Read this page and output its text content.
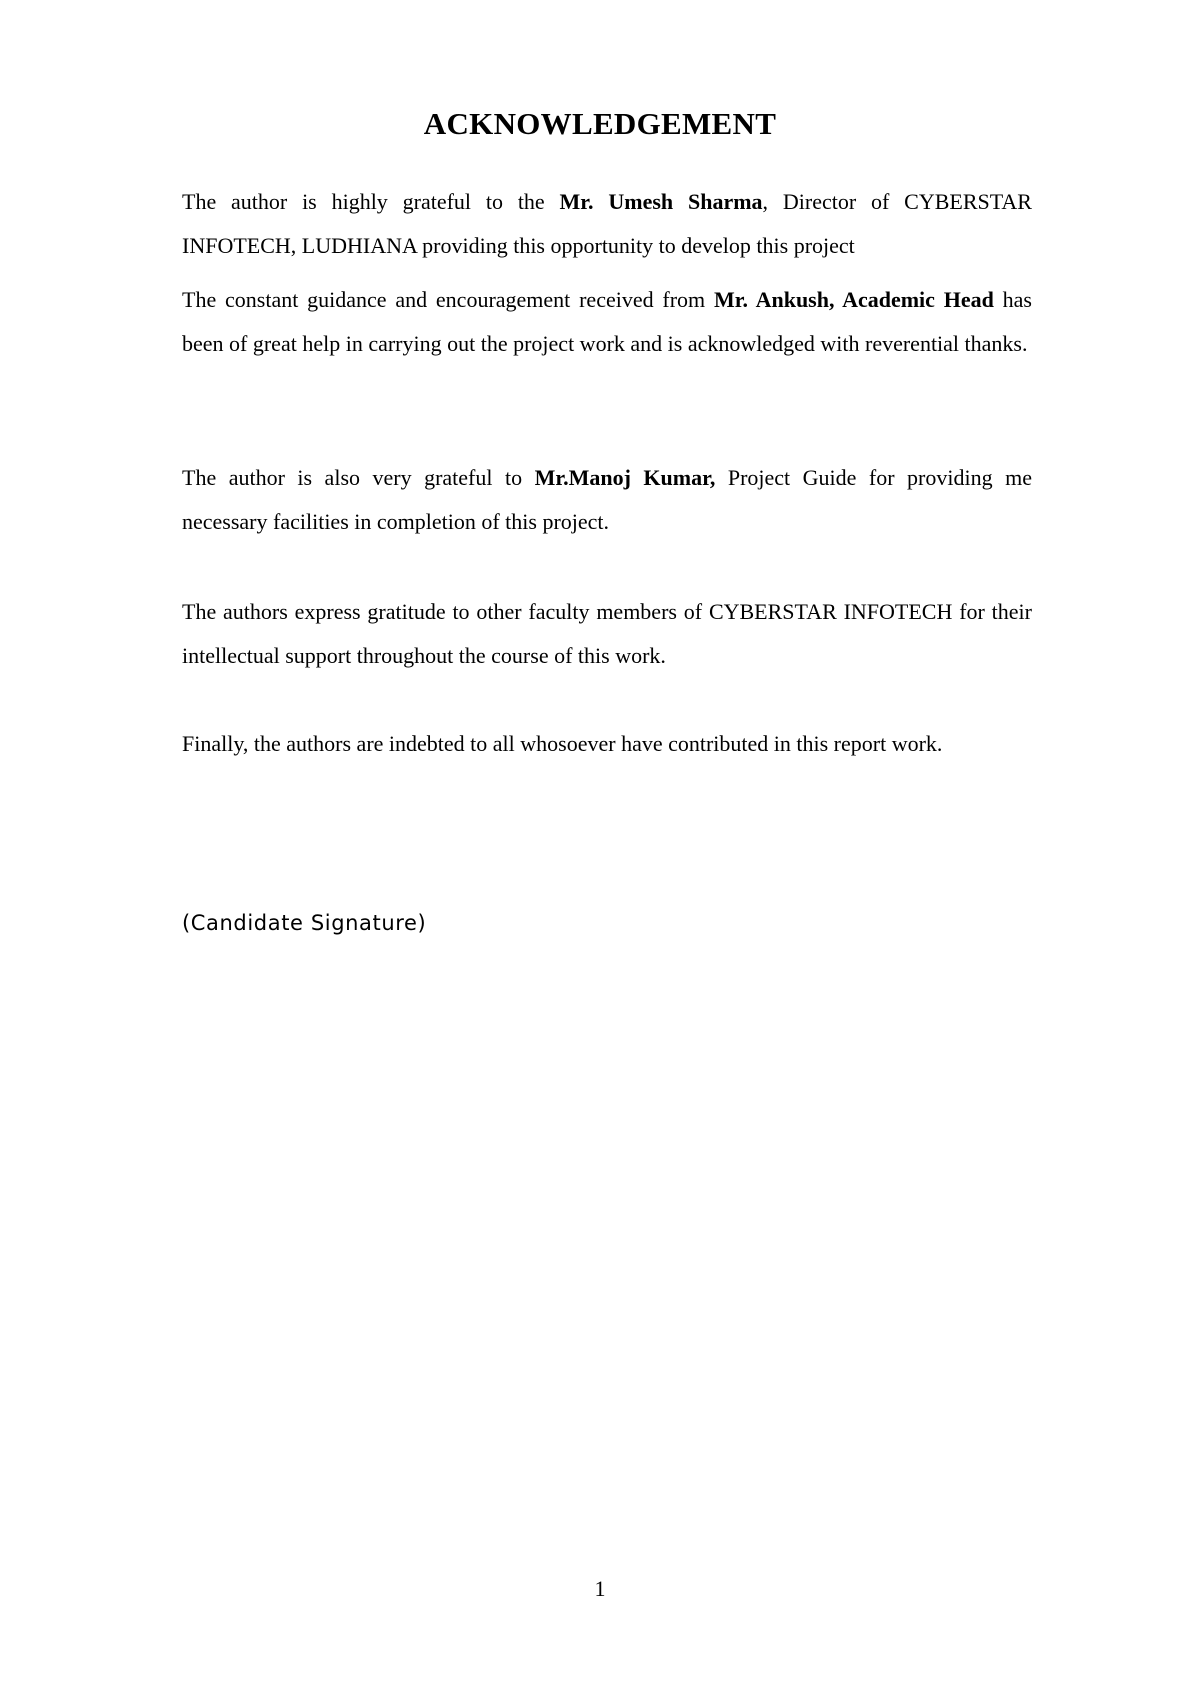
ACKNOWLEDGEMENT

The author is highly grateful to the Mr. Umesh Sharma, Director of CYBERSTAR INFOTECH, LUDHIANA providing this opportunity to develop this project

The constant guidance and encouragement received from Mr. Ankush, Academic Head has been of great help in carrying out the project work and is acknowledged with reverential thanks.

The author is also very grateful to Mr.Manoj Kumar, Project Guide for providing me necessary facilities in completion of this project.

The authors express gratitude to other faculty members of CYBERSTAR INFOTECH for their intellectual support throughout the course of this work.

Finally, the authors are indebted to all whosoever have contributed in this report work.

(Candidate Signature)
1
